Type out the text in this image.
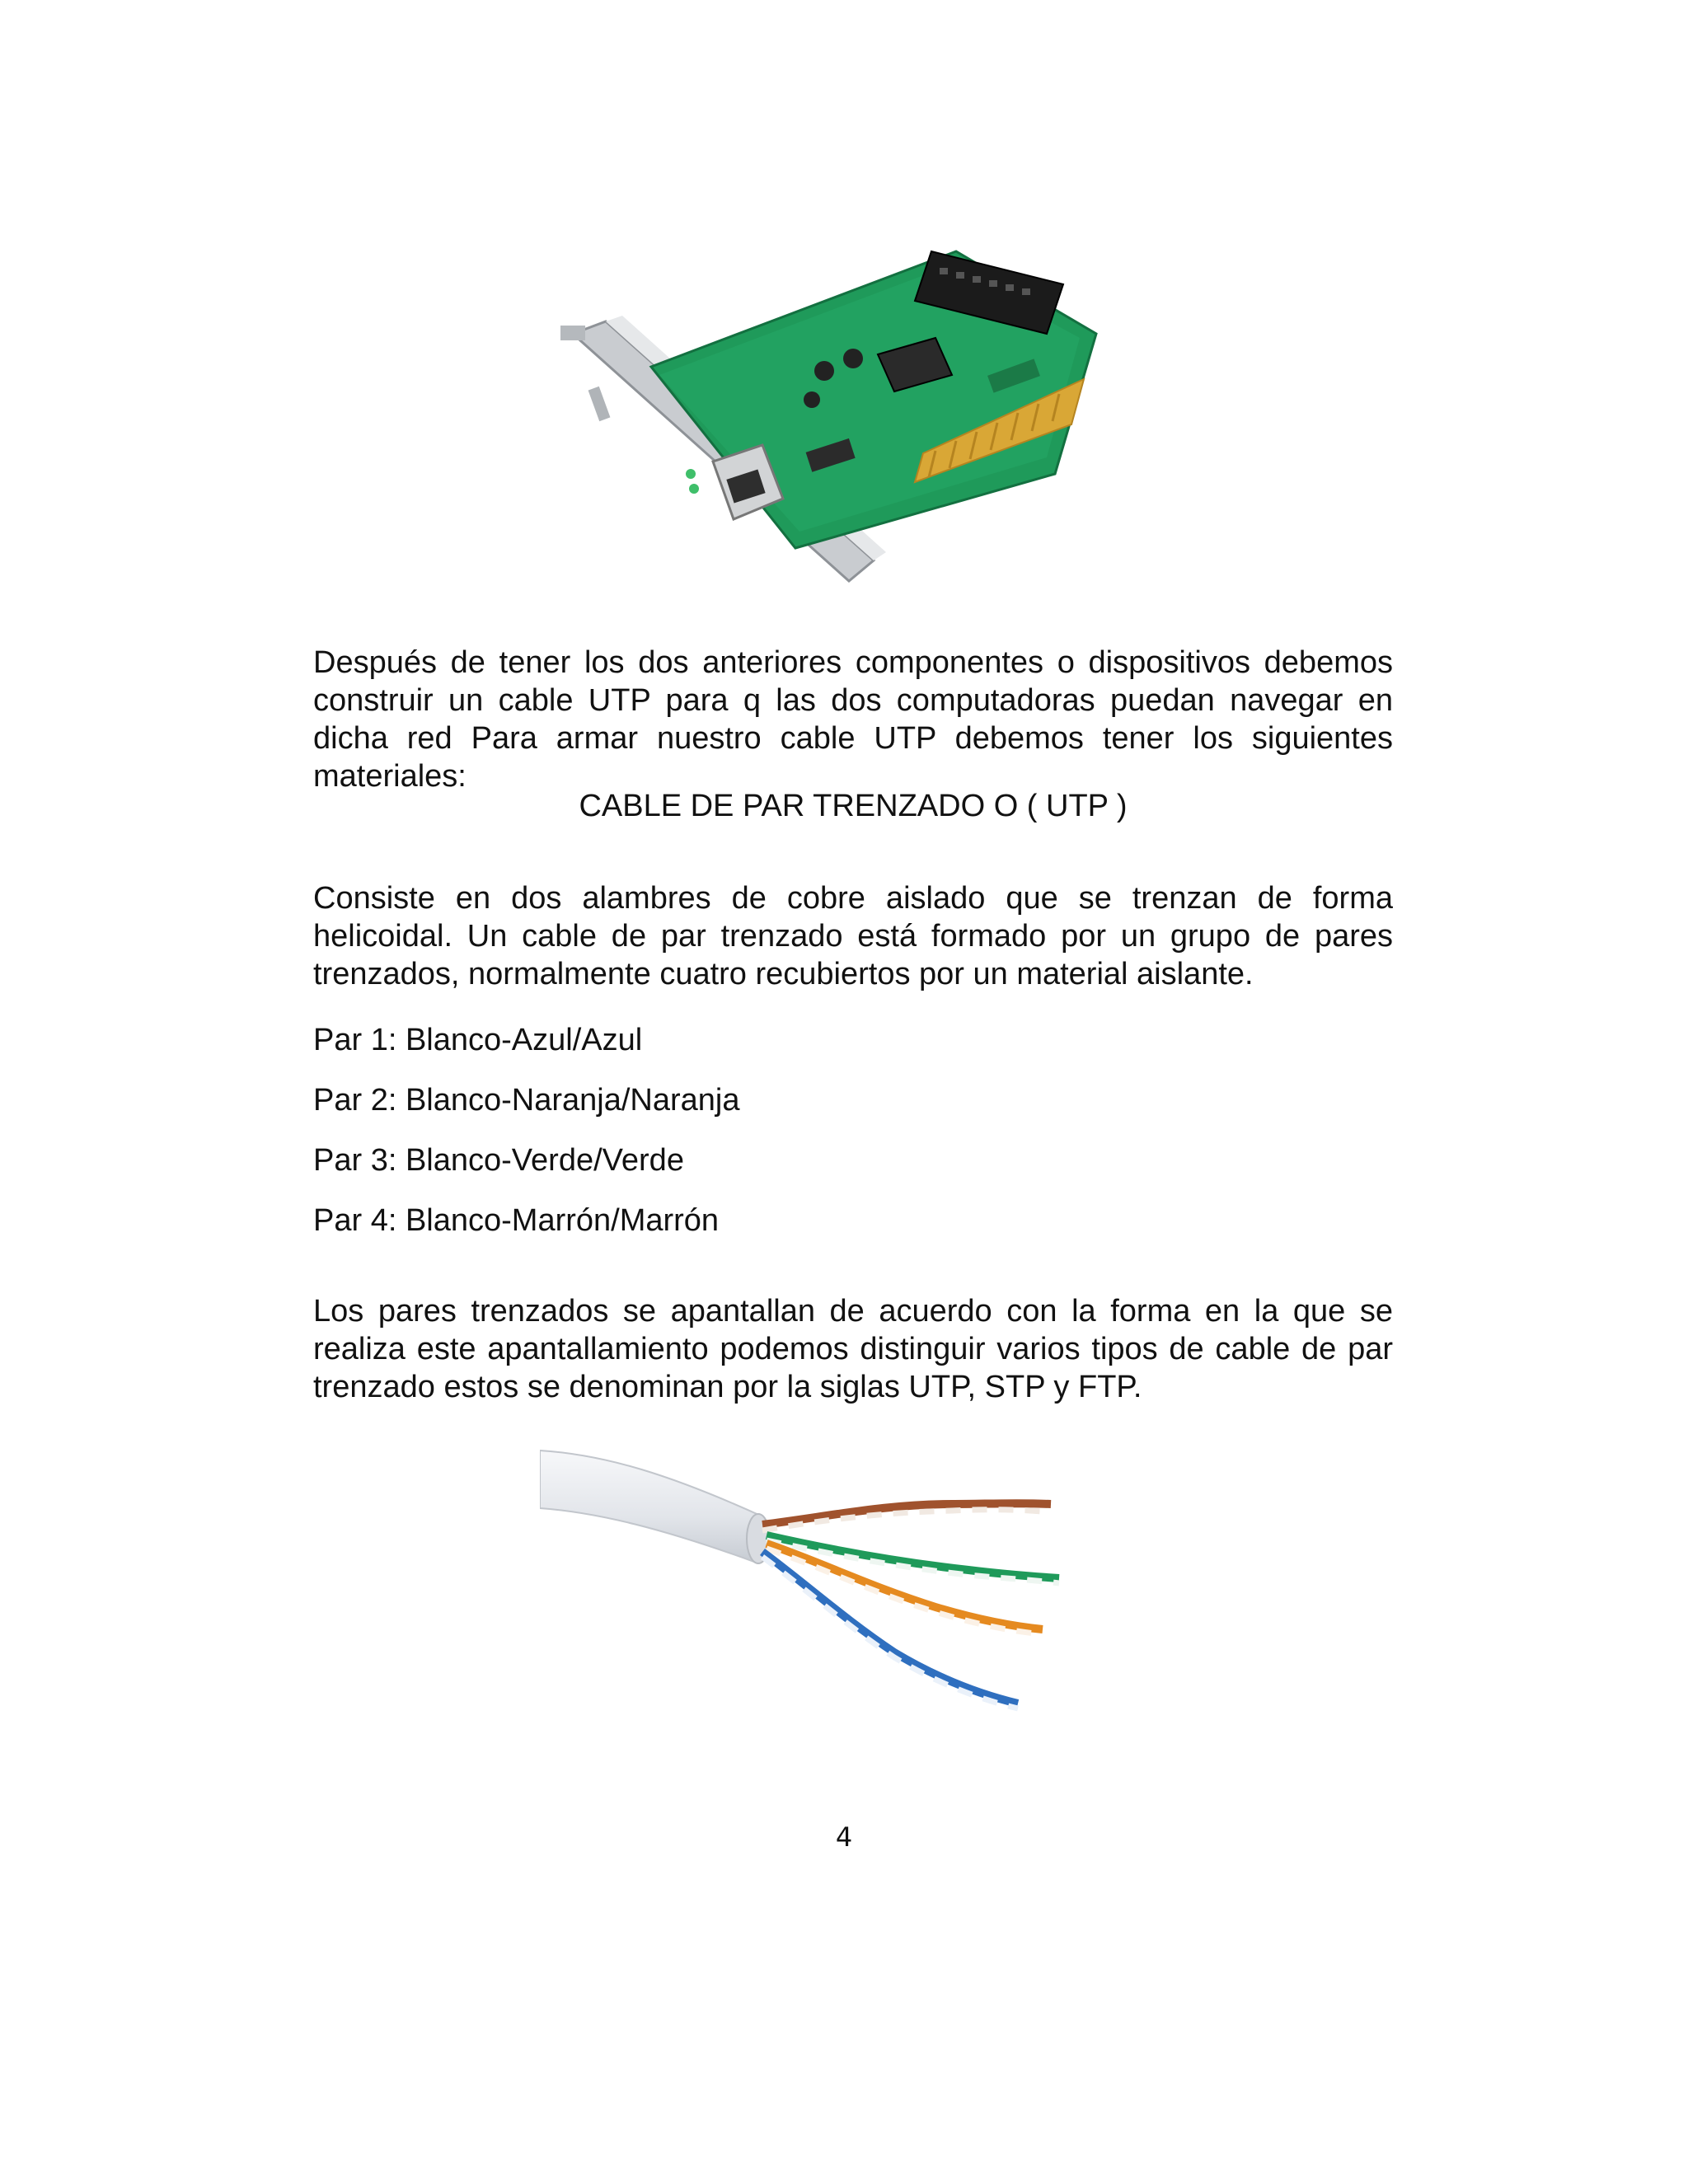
Después de tener los dos anteriores componentes o dispositivos debemos construir un cable UTP para q las dos computadoras puedan navegar en dicha red Para armar nuestro cable UTP debemos tener los siguientes materiales:

CABLE DE PAR TRENZADO O ( UTP )

Consiste en dos alambres de cobre aislado que se trenzan de forma helicoidal. Un cable de par trenzado está formado por un grupo de pares trenzados, normalmente cuatro recubiertos por un material aislante.

Par 1: Blanco-Azul/Azul
Par 2: Blanco-Naranja/Naranja
Par 3: Blanco-Verde/Verde
Par 4: Blanco-Marrón/Marrón

Los pares trenzados se apantallan de acuerdo con la forma en la que se realiza este apantallamiento podemos distinguir varios tipos de cable de par trenzado estos se denominan por la siglas UTP, STP y FTP.

4
